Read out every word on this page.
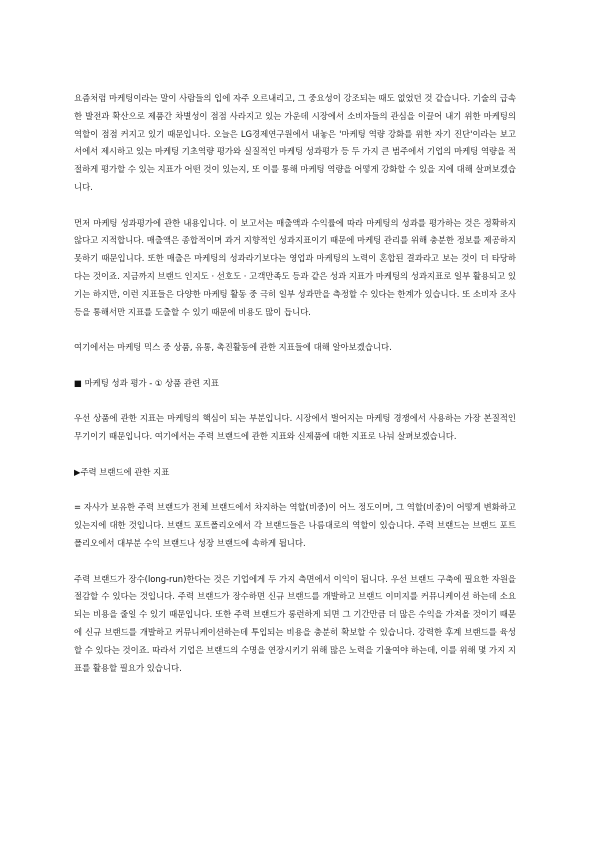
요즘처럼 마케팅이라는 말이 사람들의 입에 자주 오르내리고, 그 중요성이 강조되는 때도 없었던 것 같습니다. 기술의 급속한 발전과 확산으로 제품간 차별성이 점점 사라지고 있는 가운데 시장에서 소비자들의 관심을 이끌어 내기 위한 마케팅의 역할이 점점 커지고 있기 때문입니다. 오늘은 LG경제연구원에서 내놓은 '마케팅 역량 강화를 위한 자기 진단'이라는 보고서에서 제시하고 있는 마케팅 기초역량 평가와 실질적인 마케팅 성과평가 등 두 가지 큰 범주에서 기업의 마케팅 역량을 적절하게 평가할 수 있는 지표가 어떤 것이 있는지, 또 이를 통해 마케팅 역량을 어떻게 강화할 수 있을 지에 대해 살펴보겠습니다.

먼저 마케팅 성과평가에 관한 내용입니다. 이 보고서는 매출액과 수익률에 따라 마케팅의 성과를 평가하는 것은 정확하지 않다고 지적합니다. 매출액은 종합적이며 과거 지향적인 성과지표이기 때문에 마케팅 관리를 위해 충분한 정보를 제공하지 못하기 때문입니다. 또한 매출은 마케팅의 성과라기보다는 영업과 마케팅의 노력이 혼합된 결과라고 보는 것이 더 타당하다는 것이죠. 지금까지 브랜드 인지도 · 선호도 · 고객만족도 등과 같은 성과 지표가 마케팅의 성과지표로 일부 활용되고 있기는 하지만, 이런 지표들은 다양한 마케팅 활동 중 극히 일부 성과만을 측정할 수 있다는 한계가 있습니다. 또 소비자 조사 등을 통해서만 지표를 도출할 수 있기 때문에 비용도 많이 듭니다.

여기에서는 마케팅 믹스 중 상품, 유통, 촉진활동에 관한 지표들에 대해 알아보겠습니다.

■ 마케팅 성과 평가 - ① 상품 관련 지표

우선 상품에 관한 지표는 마케팅의 핵심이 되는 부분입니다. 시장에서 벌어지는 마케팅 경쟁에서 사용하는 가장 본질적인 무기이기 때문입니다. 여기에서는 주력 브랜드에 관한 지표와 신제품에 대한 지표로 나눠 살펴보겠습니다.

▶주력 브랜드에 관한 지표

= 자사가 보유한 주력 브랜드가 전체 브랜드에서 차지하는 역할(비중)이 어느 정도이며, 그 역할(비중)이 어떻게 변화하고 있는지에 대한 것입니다. 브랜드 포트폴리오에서 각 브랜드들은 나름대로의 역할이 있습니다. 주력 브랜드는 브랜드 포트폴리오에서 대부분 수익 브랜드나 성장 브랜드에 속하게 됩니다.

주력 브랜드가 장수(long-run)한다는 것은 기업에게 두 가지 측면에서 이익이 됩니다. 우선 브랜드 구축에 필요한 자원을 절감할 수 있다는 것입니다. 주력 브랜드가 장수하면 신규 브랜드를 개발하고 브랜드 이미지를 커뮤니케이션 하는데 소요되는 비용을 줄일 수 있기 때문입니다. 또한 주력 브랜드가 롱런하게 되면 그 기간만큼 더 많은 수익을 가져올 것이기 때문에 신규 브랜드를 개발하고 커뮤니케이션하는데 투입되는 비용을 충분히 확보할 수 있습니다. 강력한 후계 브랜드를 육성할 수 있다는 것이죠. 따라서 기업은 브랜드의 수명을 연장시키기 위해 많은 노력을 기울여야 하는데, 이를 위해 몇 가지 지표를 활용할 필요가 있습니다.
